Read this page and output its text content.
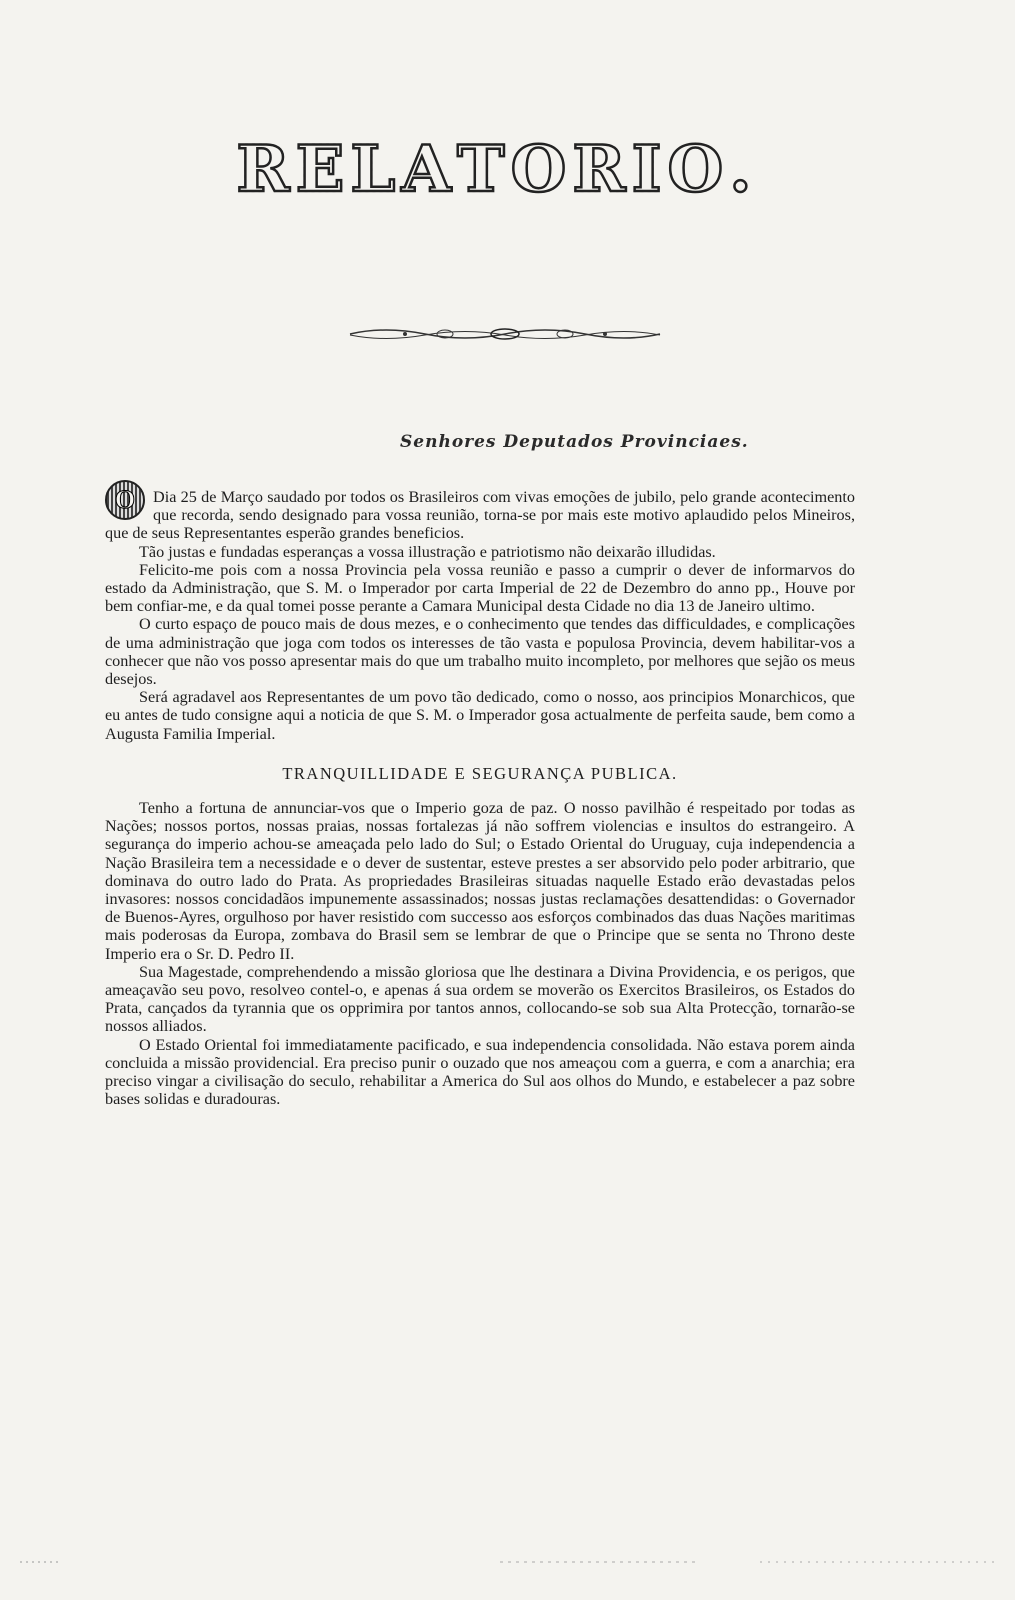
R E L A T O R I O .
Senhores Deputados Provinciaes.

O	Dia 25 de Março saudado por todos os Brasileiros com vivas emoções de jubilo, pelo grande acontecimento que recorda, sendo designado para vossa reunião, torna-se por mais este motivo aplaudido pelos Mineiros, que de seus Representantes esperão grandes beneficios.

Tão justas e fundadas esperanças a vossa illustração e patriotismo não deixarão illudidas.

Felicito-me pois com a nossa Provincia pela vossa reunião e passo a cumprir o dever de informarvos do estado da Administração, que S. M. o Imperador por carta Imperial de 22 de Dezembro do anno pp., Houve por bem confiar-me, e da qual tomei posse perante a Camara Municipal desta Cidade no dia 13 de Janeiro ultimo.

O curto espaço de pouco mais de dous mezes, e o conhecimento que tendes das difficuldades, e complicações de uma administração que joga com todos os interesses de tão vasta e populosa Provincia, devem habilitar-vos a conhecer que não vos posso apresentar mais do que um trabalho muito incompleto, por melhores que sejão os meus desejos.

Será agradavel aos Representantes de um povo tão dedicado, como o nosso, aos principios Monarchicos, que eu antes de tudo consigne aqui a noticia de que S. M. o Imperador gosa actualmente de perfeita saude, bem como a Augusta Familia Imperial.

TRANQUILLIDADE E SEGURANÇA PUBLICA.

Tenho a fortuna de annunciar-vos que o Imperio goza de paz. O nosso pavilhão é respeitado por todas as Nações; nossos portos, nossas praias, nossas fortalezas já não soffrem violencias e insultos do estrangeiro. A segurança do imperio achou-se ameaçada pelo lado do Sul; o Estado Oriental do Uruguay, cuja independencia a Nação Brasileira tem a necessidade e o dever de sustentar, esteve prestes a ser absorvido pelo poder arbitrario, que dominava do outro lado do Prata. As propriedades Brasileiras situadas naquelle Estado erão devastadas pelos invasores: nossos concidadãos impunemente assassinados; nossas justas reclamações desattendidas: o Governador de Buenos-Ayres, orgulhoso por haver resistido com successo aos esforços combinados das duas Nações maritimas mais poderosas da Europa, zombava do Brasil sem se lembrar de que o Principe que se senta no Throno deste Imperio era o Sr. D. Pedro II.

Sua Magestade, comprehendendo a missão gloriosa que lhe destinara a Divina Providencia, e os perigos, que ameaçavão seu povo, resolveo contel-o, e apenas á sua ordem se moverão os Exercitos Brasileiros, os Estados do Prata, cançados da tyrannia que os opprimira por tantos annos, collocando-se sob sua Alta Protecção, tornarão-se nossos alliados.

O Estado Oriental foi immediatamente pacificado, e sua independencia consolidada. Não estava porem ainda concluida a missão providencial. Era preciso punir o ouzado que nos ameaçou com a guerra, e com a anarchia; era preciso vingar a civilisação do seculo, rehabilitar a America do Sul aos olhos do Mundo, e estabelecer a paz sobre bases solidas e duradouras.
